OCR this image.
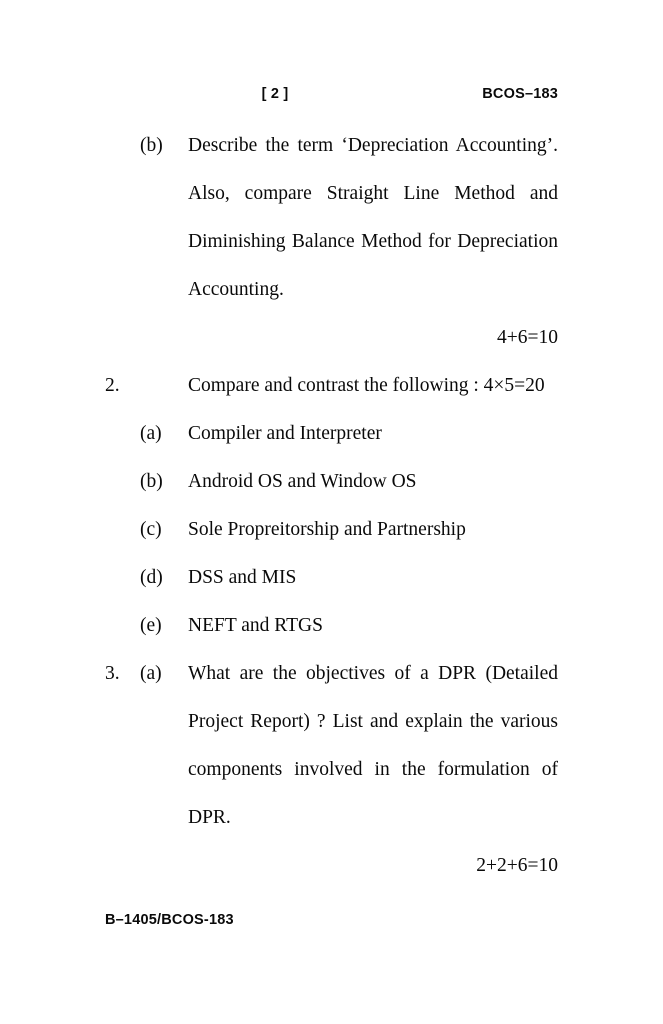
[ 2 ]	BCOS–183
(b)	Describe the term ‘Depreciation Accounting’. Also, compare Straight Line Method and Diminishing Balance Method for Depreciation Accounting.
4+6=10
2.	Compare and contrast the following : 4×5=20
(a)	Compiler and Interpreter
(b)	Android OS and Window OS
(c)	Sole Propreitorship and Partnership
(d)	DSS and MIS
(e)	NEFT and RTGS
3.	(a)	What are the objectives of a DPR (Detailed Project Report) ? List and explain the various components involved in the formulation of DPR.
2+2+6=10
B–1405/BCOS-183
